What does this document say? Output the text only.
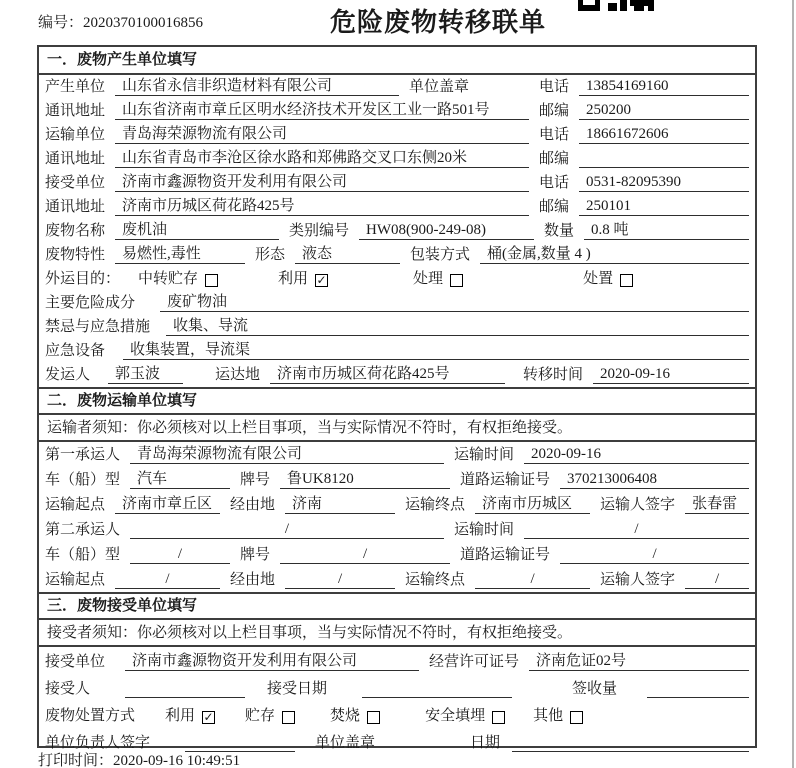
编号：2020370100016856	危险废物转移联单
一．废物产生单位填写
产生单位	山东省永信非织造材料有限公司	单位盖章	电话	13854169160
通讯地址	山东省济南市章丘区明水经济技术开发区工业一路501号	邮编	250200
运输单位	青岛海荣源物流有限公司	电话	18661672606
通讯地址	山东省青岛市李沧区徐水路和郑佛路交叉口东侧20米	邮编
接受单位	济南市鑫源物资开发利用有限公司	电话	0531-82095390
通讯地址	济南市历城区荷花路425号	邮编	250101
废物名称	废机油	类别编号	HW08(900-249-08)	数量	0.8 吨
废物特性	易燃性,毒性	形态	液态	包装方式	桶(金属,数量 4 )
外运目的： 中转贮存	利用 ✓	处理	处置
主要危险成分	废矿物油
禁忌与应急措施	收集、导流
应急设备	收集装置，导流渠
发运人	郭玉波	运达地	济南市历城区荷花路425号	转移时间	2020-09-16
二．废物运输单位填写
运输者须知：你必须核对以上栏目事项，当与实际情况不符时，有权拒绝接受。
第一承运人	青岛海荣源物流有限公司	运输时间	2020-09-16
车（船）型	汽车	牌号	鲁UK8120	道路运输证号	370213006408
运输起点	济南市章丘区 经由地	济南	运输终点	济南市历城区 运输人签字	张春雷
第二承运人	/	运输时间	/
车（船）型	/	牌号	/	道路运输证号	/
运输起点	/	经由地	/	运输终点	/	运输人签字	/
三．废物接受单位填写
接受者须知：你必须核对以上栏目事项，当与实际情况不符时，有权拒绝接受。
接受单位	济南市鑫源物资开发利用有限公司	经营许可证号	济南危证02号
接受人	接受日期	签收量
废物处置方式 利用 ✓ 贮存	焚烧	安全填埋	其他
单位负责人签字	单位盖章	日期
打印时间：2020-09-16 10:49:51
